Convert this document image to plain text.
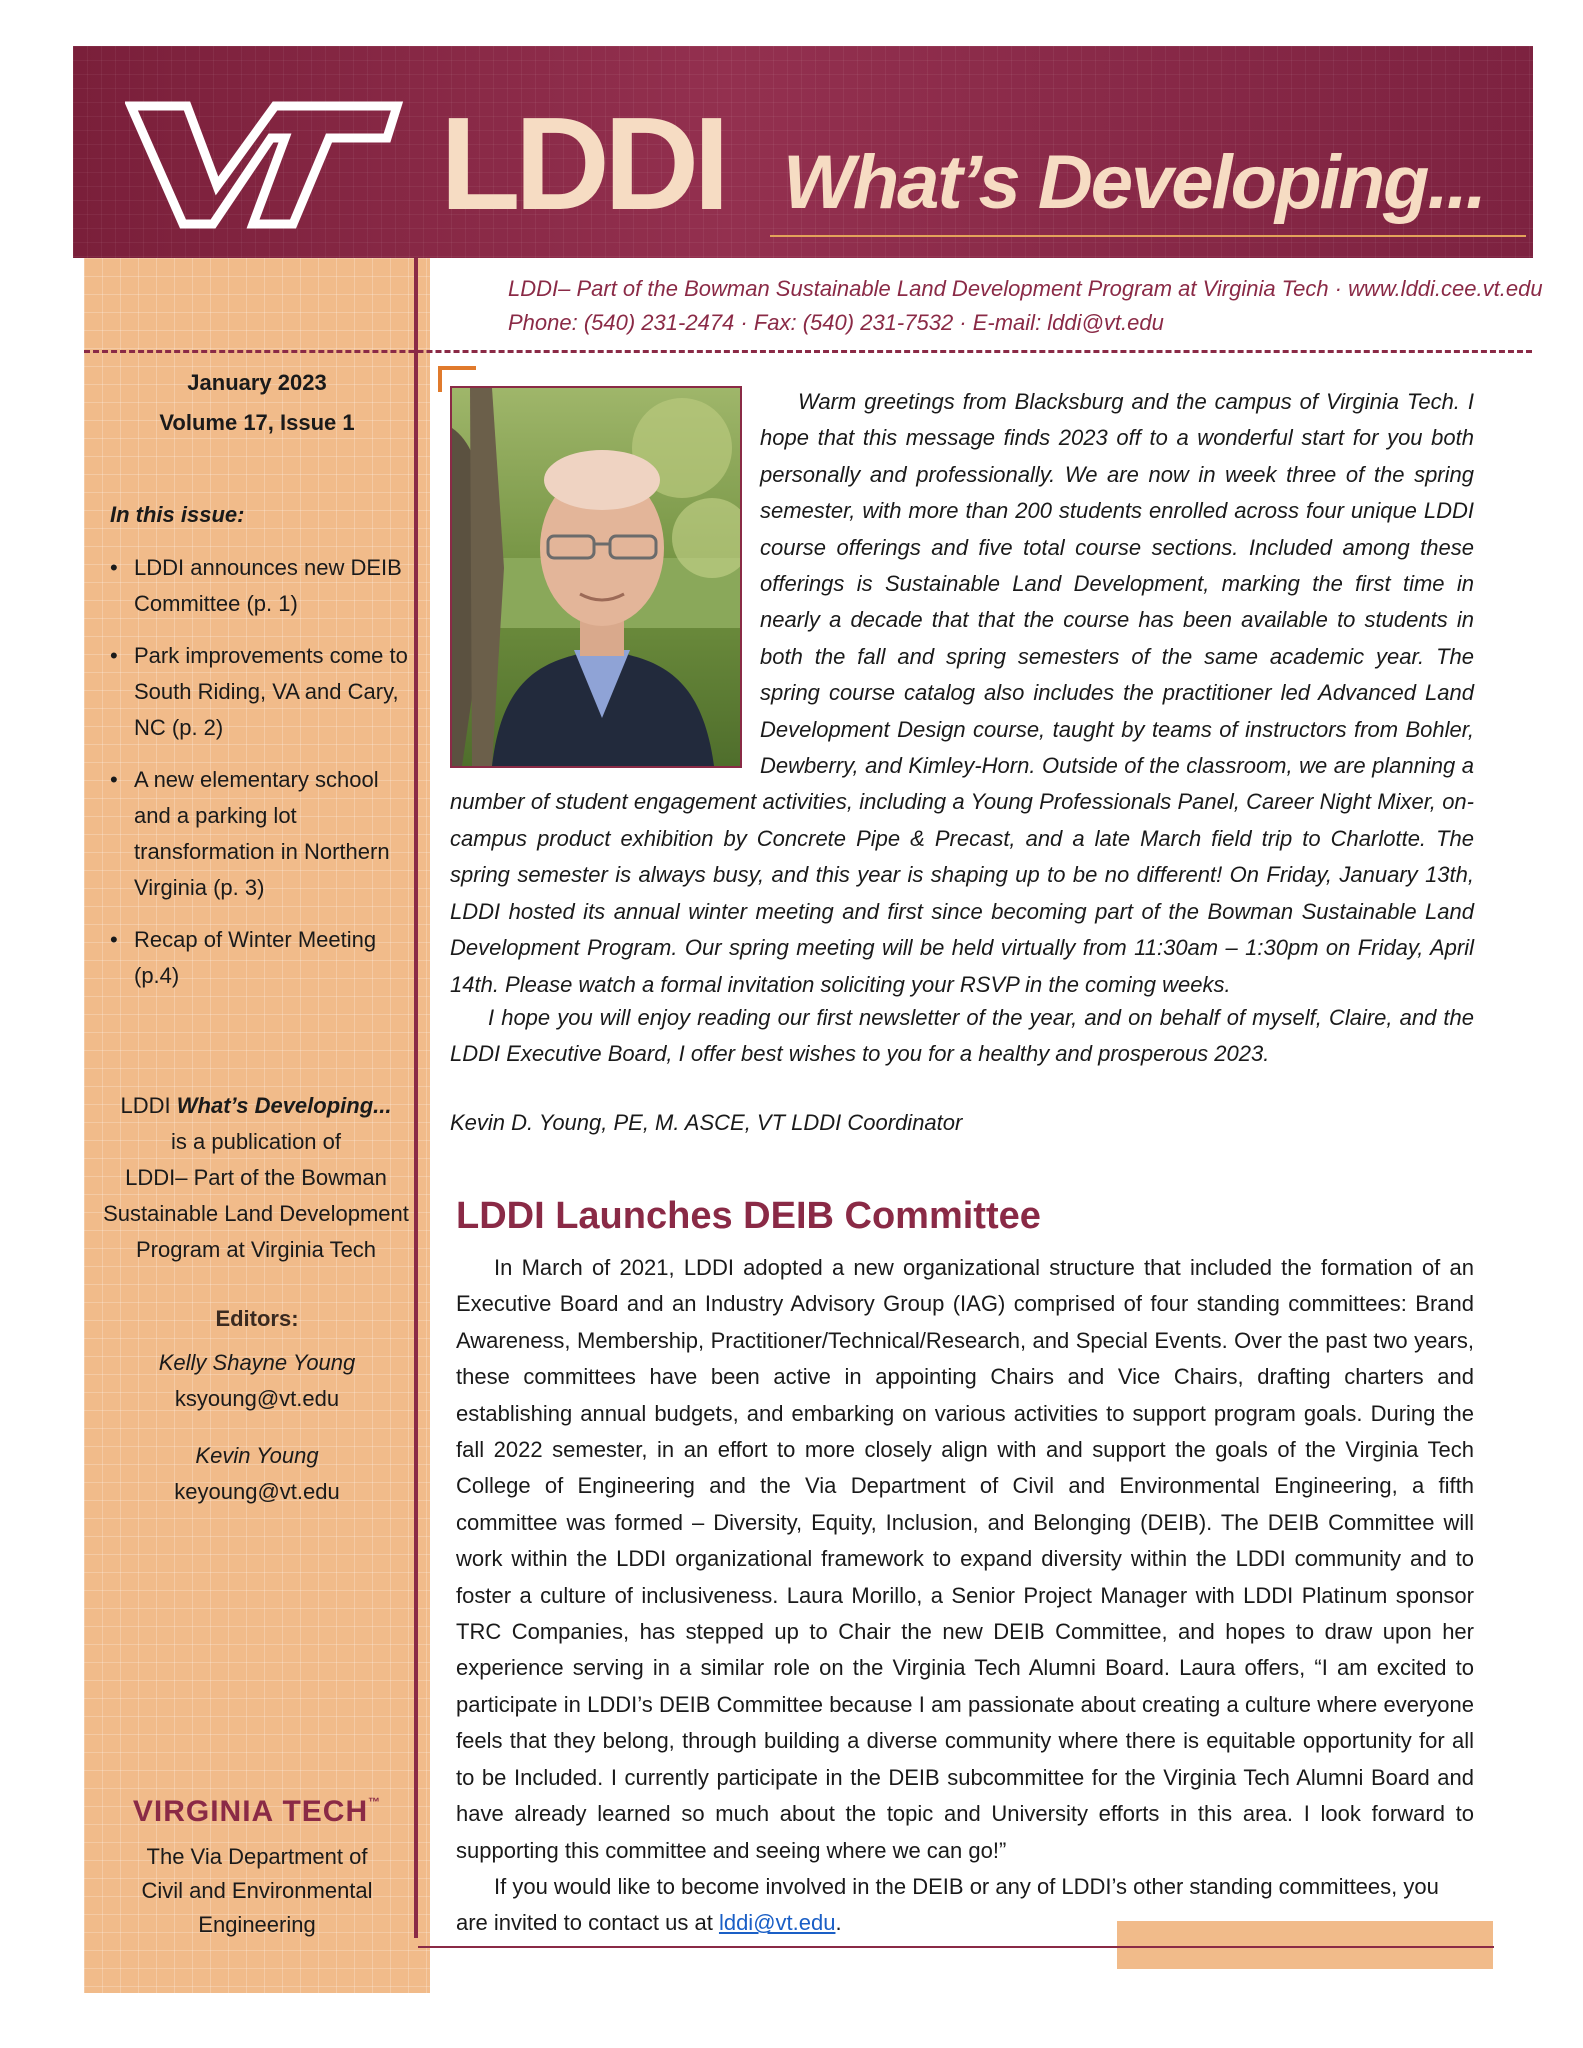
LDDI What’s Developing...

LDDI– Part of the Bowman Sustainable Land Development Program at Virginia Tech · www.lddi.cee.vt.edu

Phone: (540) 231-2474 · Fax: (540) 231-7532 · E-mail: lddi@vt.edu

January 2023

Volume 17, Issue 1

In this issue:

• LDDI announces new DEIB Committee (p. 1)
• Park improvements come to South Riding, VA and Cary, NC (p. 2)
• A new elementary school and a parking lot transformation in Northern Virginia (p. 3)
• Recap of Winter Meeting (p.4)
LDDI What’s Developing...
is a publication of
LDDI– Part of the Bowman
Sustainable Land Development
Program at Virginia Tech

Editors:

Kelly Shayne Young

ksyoung@vt.edu

Kevin Young

keyoung@vt.edu

VIRGINIA TECH™

The Via Department of
Civil and Environmental
Engineering

Warm greetings from Blacksburg and the campus of Virginia Tech. I hope that this message finds 2023 off to a wonderful start for you both personally and professionally. We are now in week three of the spring semester, with more than 200 students enrolled across four unique LDDI course offerings and five total course sections. Included among these offerings is Sustainable Land Development, marking the first time in nearly a decade that that the course has been available to students in both the fall and spring semesters of the same academic year. The spring course catalog also includes the practitioner led Advanced Land Development Design course, taught by teams of instructors from Bohler, Dewberry, and Kimley-Horn. Outside of the classroom, we are planning a number of student engagement activities, including a Young Professionals Panel, Career Night Mixer, on-campus product exhibition by Concrete Pipe & Precast, and a late March field trip to Charlotte. The spring semester is always busy, and this year is shaping up to be no different! On Friday, January 13th, LDDI hosted its annual winter meeting and first since becoming part of the Bowman Sustainable Land Development Program. Our spring meeting will be held virtually from 11:30am – 1:30pm on Friday, April 14th. Please watch a formal invitation soliciting your RSVP in the coming weeks.

I hope you will enjoy reading our first newsletter of the year, and on behalf of myself, Claire, and the LDDI Executive Board, I offer best wishes to you for a healthy and prosperous 2023.

Kevin D. Young, PE, M. ASCE, VT LDDI Coordinator

LDDI Launches DEIB Committee

In March of 2021, LDDI adopted a new organizational structure that included the formation of an Executive Board and an Industry Advisory Group (IAG) comprised of four standing committees: Brand Awareness, Membership, Practitioner/Technical/Research, and Special Events. Over the past two years, these committees have been active in appointing Chairs and Vice Chairs, drafting charters and establishing annual budgets, and embarking on various activities to support program goals. During the fall 2022 semester, in an effort to more closely align with and support the goals of the Virginia Tech College of Engineering and the Via Department of Civil and Environmental Engineering, a fifth committee was formed – Diversity, Equity, Inclusion, and Belonging (DEIB). The DEIB Committee will work within the LDDI organizational framework to expand diversity within the LDDI community and to foster a culture of inclusiveness. Laura Morillo, a Senior Project Manager with LDDI Platinum sponsor TRC Companies, has stepped up to Chair the new DEIB Committee, and hopes to draw upon her experience serving in a similar role on the Virginia Tech Alumni Board. Laura offers, “I am excited to participate in LDDI’s DEIB Committee because I am passionate about creating a culture where everyone feels that they belong, through building a diverse community where there is equitable opportunity for all to be Included. I currently participate in the DEIB subcommittee for the Virginia Tech Alumni Board and have already learned so much about the topic and University efforts in this area. I look forward to supporting this committee and seeing where we can go!”

If you would like to become involved in the DEIB or any of LDDI’s other standing committees, you are invited to contact us at lddi@vt.edu.
